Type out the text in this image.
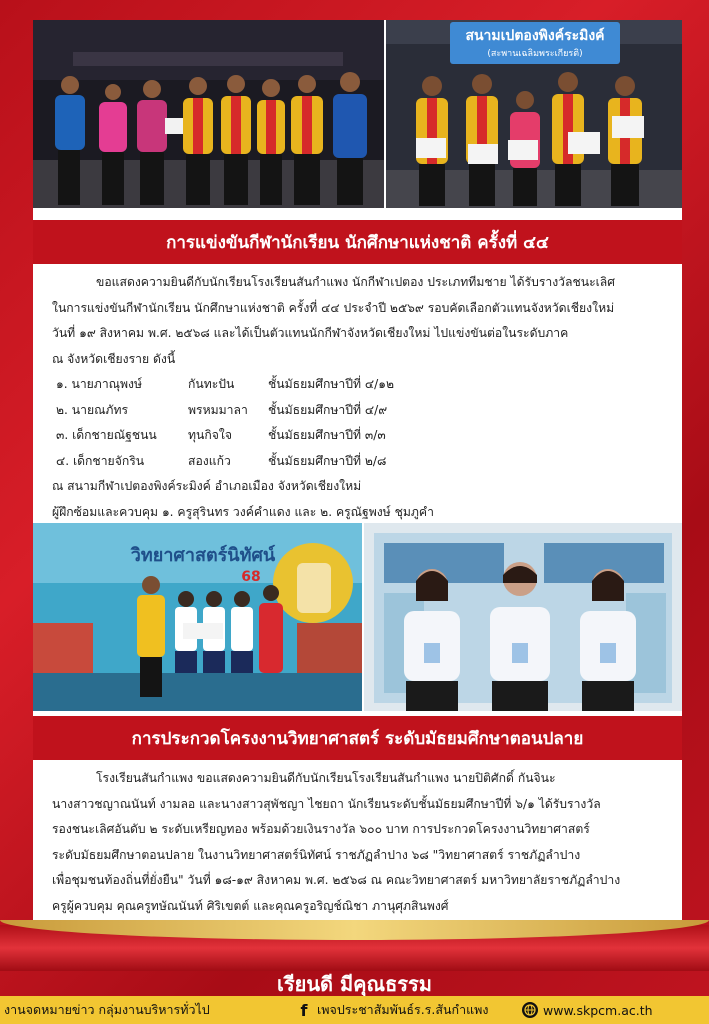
สนามเปตองพิงค์ระมิงค์
(สะพานเฉลิมพระเกียรติ)
การแข่งขันกีฬานักเรียน นักศึกษาแห่งชาติ ครั้งที่ ๔๔

ขอแสดงความยินดีกับนักเรียนโรงเรียนสันกำแพง นักกีฬาเปตอง ประเภททีมชาย ได้รับรางวัลชนะเลิศ

ในการแข่งขันกีฬานักเรียน นักศึกษาแห่งชาติ ครั้งที่ ๔๔ ประจำปี ๒๕๖๙ รอบคัดเลือกตัวแทนจังหวัดเชียงใหม่

วันที่ ๑๙ สิงหาคม พ.ศ. ๒๕๖๘ และได้เป็นตัวแทนนักกีฬาจังหวัดเชียงใหม่ ไปแข่งขันต่อในระดับภาค

ณ จังหวัดเชียงราย ดังนี้

๑. นายภาณุพงษ์	กันทะปัน	ชั้นมัธยมศึกษาปีที่ ๔/๑๒
๒. นายณภัทร	พรหมมาลา	ชั้นมัธยมศึกษาปีที่ ๔/๙
๓. เด็กชายณัฐชนน	ทุนกิจใจ	ชั้นมัธยมศึกษาปีที่ ๓/๓
๔. เด็กชายจักริน	สองแก้ว	ชั้นมัธยมศึกษาปีที่ ๒/๘

ณ สนามกีฬาเปตองพิงค์ระมิงค์ อำเภอเมือง จังหวัดเชียงใหม่

ผู้ฝึกซ้อมและควบคุม ๑. ครูสุรินทร วงค์คำแดง และ ๒. ครูณัฐพงษ์ ชุมภูคำ

วิทยาศาสตร์นิทัศน์
68
การประกวดโครงงานวิทยาศาสตร์ ระดับมัธยมศึกษาตอนปลาย

โรงเรียนสันกำแพง ขอแสดงความยินดีกับนักเรียนโรงเรียนสันกำแพง นายปิติศักดิ์ กันจินะ

นางสาวชญาณนันท์ งามลอ และนางสาวสุพัชญา ไชยถา นักเรียนระดับชั้นมัธยมศึกษาปีที่ ๖/๑ ได้รับรางวัล

รองชนะเลิศอันดับ ๒ ระดับเหรียญทอง พร้อมด้วยเงินรางวัล ๖๐๐ บาท การประกวดโครงงานวิทยาศาสตร์

ระดับมัธยมศึกษาตอนปลาย ในงานวิทยาศาสตร์นิทัศน์ ราชภัฏลำปาง ๖๘ "วิทยาศาสตร์ ราชภัฏลำปาง

เพื่อชุมชนท้องถิ่นที่ยั่งยืน" วันที่ ๑๘-๑๙ สิงหาคม พ.ศ. ๒๕๖๘ ณ คณะวิทยาศาสตร์ มหาวิทยาลัยราชภัฏลำปาง

ครูผู้ควบคุม คุณครูทษัณนันท์ ศิริเขตต์ และคุณครูอริญช์ณิชา ภานุศุภสินพงศ์

เรียนดี มีคุณธรรม
งานจดหมายข่าว กลุ่มงานบริหารทั่วไป	f เพจประชาสัมพันธ์ร.ร.สันกำแพง	www.skpcm.ac.th
